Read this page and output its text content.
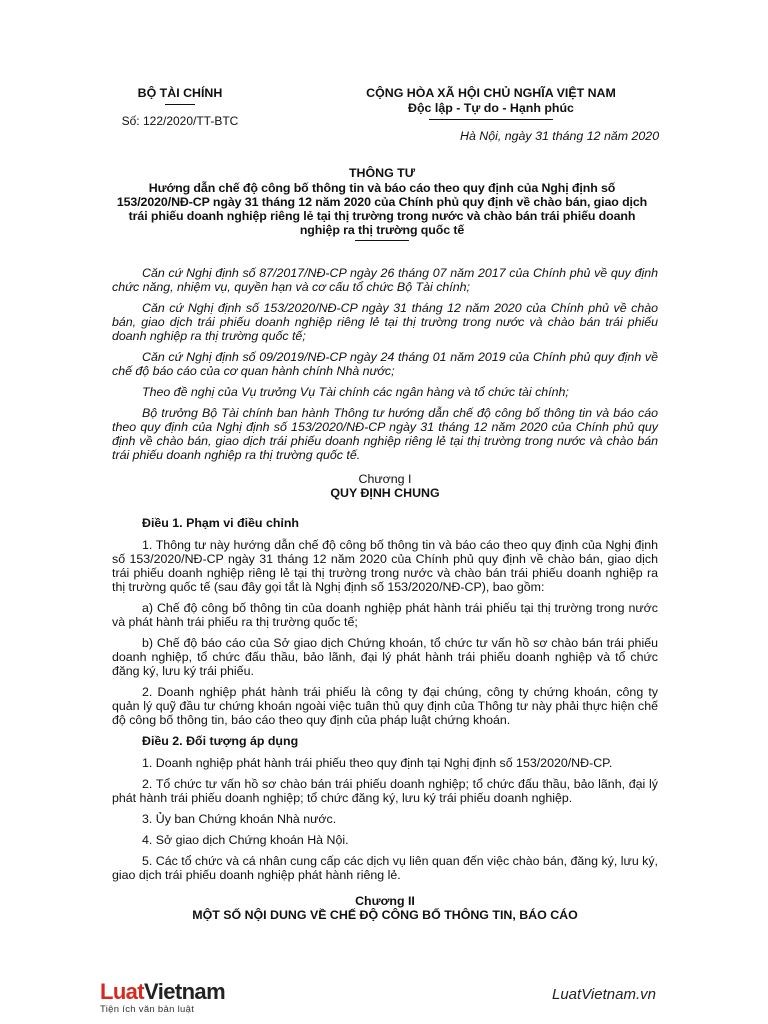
BỘ TÀI CHÍNH
Số: 122/2020/TT-BTC
CỘNG HÒA XÃ HỘI CHỦ NGHĨA VIỆT NAM
Độc lập - Tự do - Hạnh phúc
Hà Nội, ngày 31 tháng 12 năm 2020
THÔNG TƯ
Hướng dẫn chế độ công bố thông tin và báo cáo theo quy định của Nghị định số 153/2020/NĐ-CP ngày 31 tháng 12 năm 2020 của Chính phủ quy định về chào bán, giao dịch trái phiếu doanh nghiệp riêng lẻ tại thị trường trong nước và chào bán trái phiếu doanh nghiệp ra thị trường quốc tế

Căn cứ Nghị định số 87/2017/NĐ-CP ngày 26 tháng 07 năm 2017 của Chính phủ về quy định chức năng, nhiệm vụ, quyền hạn và cơ cấu tổ chức Bộ Tài chính;

Căn cứ Nghị định số 153/2020/NĐ-CP ngày 31 tháng 12 năm 2020 của Chính phủ về chào bán, giao dịch trái phiếu doanh nghiệp riêng lẻ tại thị trường trong nước và chào bán trái phiếu doanh nghiệp ra thị trường quốc tế;

Căn cứ Nghị định số 09/2019/NĐ-CP ngày 24 tháng 01 năm 2019 của Chính phủ quy định về chế độ báo cáo của cơ quan hành chính Nhà nước;

Theo đề nghị của Vụ trưởng Vụ Tài chính các ngân hàng và tổ chức tài chính;

Bộ trưởng Bộ Tài chính ban hành Thông tư hướng dẫn chế độ công bố thông tin và báo cáo theo quy định của Nghị định số 153/2020/NĐ-CP ngày 31 tháng 12 năm 2020 của Chính phủ quy định về chào bán, giao dịch trái phiếu doanh nghiệp riêng lẻ tại thị trường trong nước và chào bán trái phiếu doanh nghiệp ra thị trường quốc tế.

Chương I
QUY ĐỊNH CHUNG
Điều 1. Phạm vi điều chỉnh

1. Thông tư này hướng dẫn chế độ công bố thông tin và báo cáo theo quy định của Nghị định số 153/2020/NĐ-CP ngày 31 tháng 12 năm 2020 của Chính phủ quy định về chào bán, giao dịch trái phiếu doanh nghiệp riêng lẻ tại thị trường trong nước và chào bán trái phiếu doanh nghiệp ra thị trường quốc tế (sau đây gọi tắt là Nghị định số 153/2020/NĐ-CP), bao gồm:

a) Chế độ công bố thông tin của doanh nghiệp phát hành trái phiếu tại thị trường trong nước và phát hành trái phiếu ra thị trường quốc tế;

b) Chế độ báo cáo của Sở giao dịch Chứng khoán, tổ chức tư vấn hồ sơ chào bán trái phiếu doanh nghiệp, tổ chức đấu thầu, bảo lãnh, đại lý phát hành trái phiếu doanh nghiệp và tổ chức đăng ký, lưu ký trái phiếu.

2. Doanh nghiệp phát hành trái phiếu là công ty đại chúng, công ty chứng khoán, công ty quản lý quỹ đầu tư chứng khoán ngoài việc tuân thủ quy định của Thông tư này phải thực hiện chế độ công bố thông tin, báo cáo theo quy định của pháp luật chứng khoán.

Điều 2. Đối tượng áp dụng

1. Doanh nghiệp phát hành trái phiếu theo quy định tại Nghị định số 153/2020/NĐ-CP.

2. Tổ chức tư vấn hồ sơ chào bán trái phiếu doanh nghiệp; tổ chức đấu thầu, bảo lãnh, đại lý phát hành trái phiếu doanh nghiệp; tổ chức đăng ký, lưu ký trái phiếu doanh nghiệp.

3. Ủy ban Chứng khoán Nhà nước.

4. Sở giao dịch Chứng khoán Hà Nội.

5. Các tổ chức và cá nhân cung cấp các dịch vụ liên quan đến việc chào bán, đăng ký, lưu ký, giao dịch trái phiếu doanh nghiệp phát hành riêng lẻ.

Chương II
MỘT SỐ NỘI DUNG VỀ CHẾ ĐỘ CÔNG BỐ THÔNG TIN, BÁO CÁO
LuatVietnam
Tiện ích văn bản luật
LuatVietnam.vn
